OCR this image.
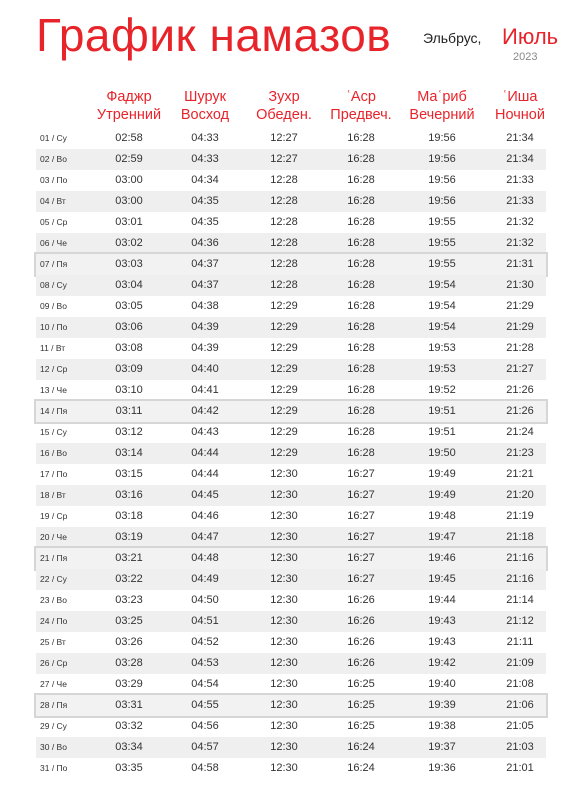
График намазов Эльбрус, Июль
2023
Фаджр
Утренний
Шурук
Восход
Зухр
Обеден.
ʿАср
Предвеч.
Маʿриб
Вечерний
ʿИша
Ночной
01 / Су	02:58	04:33	12:27	16:28	19:56	21:34
02 / Во	02:59	04:33	12:27	16:28	19:56	21:34
03 / По	03:00	04:34	12:28	16:28	19:56	21:33
04 / Вт	03:00	04:35	12:28	16:28	19:56	21:33
05 / Ср	03:01	04:35	12:28	16:28	19:55	21:32
06 / Че	03:02	04:36	12:28	16:28	19:55	21:32
07 / Пя	03:03	04:37	12:28	16:28	19:55	21:31
08 / Су	03:04	04:37	12:28	16:28	19:54	21:30
09 / Во	03:05	04:38	12:29	16:28	19:54	21:29
10 / По	03:06	04:39	12:29	16:28	19:54	21:29
11 / Вт	03:08	04:39	12:29	16:28	19:53	21:28
12 / Ср	03:09	04:40	12:29	16:28	19:53	21:27
13 / Че	03:10	04:41	12:29	16:28	19:52	21:26
14 / Пя	03:11	04:42	12:29	16:28	19:51	21:26
15 / Су	03:12	04:43	12:29	16:28	19:51	21:24
16 / Во	03:14	04:44	12:29	16:28	19:50	21:23
17 / По	03:15	04:44	12:30	16:27	19:49	21:21
18 / Вт	03:16	04:45	12:30	16:27	19:49	21:20
19 / Ср	03:18	04:46	12:30	16:27	19:48	21:19
20 / Че	03:19	04:47	12:30	16:27	19:47	21:18
21 / Пя	03:21	04:48	12:30	16:27	19:46	21:16
22 / Су	03:22	04:49	12:30	16:27	19:45	21:16
23 / Во	03:23	04:50	12:30	16:26	19:44	21:14
24 / По	03:25	04:51	12:30	16:26	19:43	21:12
25 / Вт	03:26	04:52	12:30	16:26	19:43	21:11
26 / Ср	03:28	04:53	12:30	16:26	19:42	21:09
27 / Че	03:29	04:54	12:30	16:25	19:40	21:08
28 / Пя	03:31	04:55	12:30	16:25	19:39	21:06
29 / Су	03:32	04:56	12:30	16:25	19:38	21:05
30 / Во	03:34	04:57	12:30	16:24	19:37	21:03
31 / По	03:35	04:58	12:30	16:24	19:36	21:01
